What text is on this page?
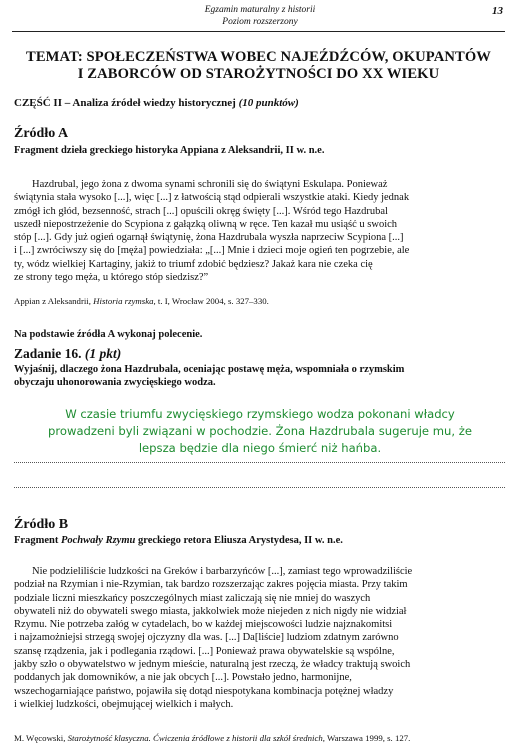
Egzamin maturalny z historii
Poziom rozszerzony
13
TEMAT: SPOŁECZEŃSTWA WOBEC NAJEŹDŹCÓW, OKUPANTÓW
I ZABORCÓW OD STAROŻYTNOŚCI DO XX WIEKU
CZĘŚĆ II – Analiza źródeł wiedzy historycznej (10 punktów)
Źródło A
Fragment dzieła greckiego historyka Appiana z Aleksandrii, II w. n.e.
Hazdrubal, jego żona z dwoma synami schronili się do świątyni Eskulapa. Ponieważ
świątynia stała wysoko [...], więc [...] z łatwością stąd odpierali wszystkie ataki. Kiedy jednak
zmógł ich głód, bezsenność, strach [...] opuścili okręg święty [...]. Wśród tego Hazdrubal
uszedł niepostrzeżenie do Scypiona z gałązką oliwną w ręce. Ten kazał mu usiąść u swoich
stóp [...]. Gdy już ogień ogarnął świątynię, żona Hazdrubala wyszła naprzeciw Scypiona [...]
i [...] zwróciwszy się do [męża] powiedziała: „[...] Mnie i dzieci moje ogień ten pogrzebie, ale
ty, wódz wielkiej Kartaginy, jakiż to triumf zdobić będziesz? Jakaż kara nie czeka cię
ze strony tego męża, u którego stóp siedzisz?”
Appian z Aleksandrii, Historia rzymska, t. I, Wrocław 2004, s. 327–330.
Na podstawie źródła A wykonaj polecenie.
Zadanie 16. (1 pkt)
Wyjaśnij, dlaczego żona Hazdrubala, oceniając postawę męża, wspomniała o rzymskim
obyczaju uhonorowania zwycięskiego wodza.
W czasie triumfu zwycięskiego rzymskiego wodza pokonani władcy
prowadzeni byli związani w pochodzie. Żona Hazdrubala sugeruje mu, że
lepsza będzie dla niego śmierć niż hańba.
Źródło B
Fragment Pochwały Rzymu greckiego retora Eliusza Arystydesa, II w. n.e.
Nie podzieliliście ludzkości na Greków i barbarzyńców [...], zamiast tego wprowadziliście
podział na Rzymian i nie-Rzymian, tak bardzo rozszerzając zakres pojęcia miasta. Przy takim
podziale liczni mieszkańcy poszczególnych miast zaliczają się nie mniej do waszych
obywateli niż do obywateli swego miasta, jakkolwiek może niejeden z nich nigdy nie widział
Rzymu. Nie potrzeba załóg w cytadelach, bo w każdej miejscowości ludzie najznakomitsi
i najzamożniejsi strzegą swojej ojczyzny dla was. [...] Da[liście] ludziom zdatnym zarówno
szansę rządzenia, jak i podlegania rządowi. [...] Ponieważ prawa obywatelskie są wspólne,
jakby szło o obywatelstwo w jednym mieście, naturalną jest rzeczą, że władcy traktują swoich
poddanych jak domowników, a nie jak obcych [...]. Powstało jedno, harmonijne,
wszechogarniające państwo, pojawiła się dotąd niespotykana kombinacja potężnej władzy
i wielkiej ludzkości, obejmującej wielkich i małych.
M. Węcowski, Starożytność klasyczna. Ćwiczenia źródłowe z historii dla szkół średnich, Warszawa 1999, s. 127.
